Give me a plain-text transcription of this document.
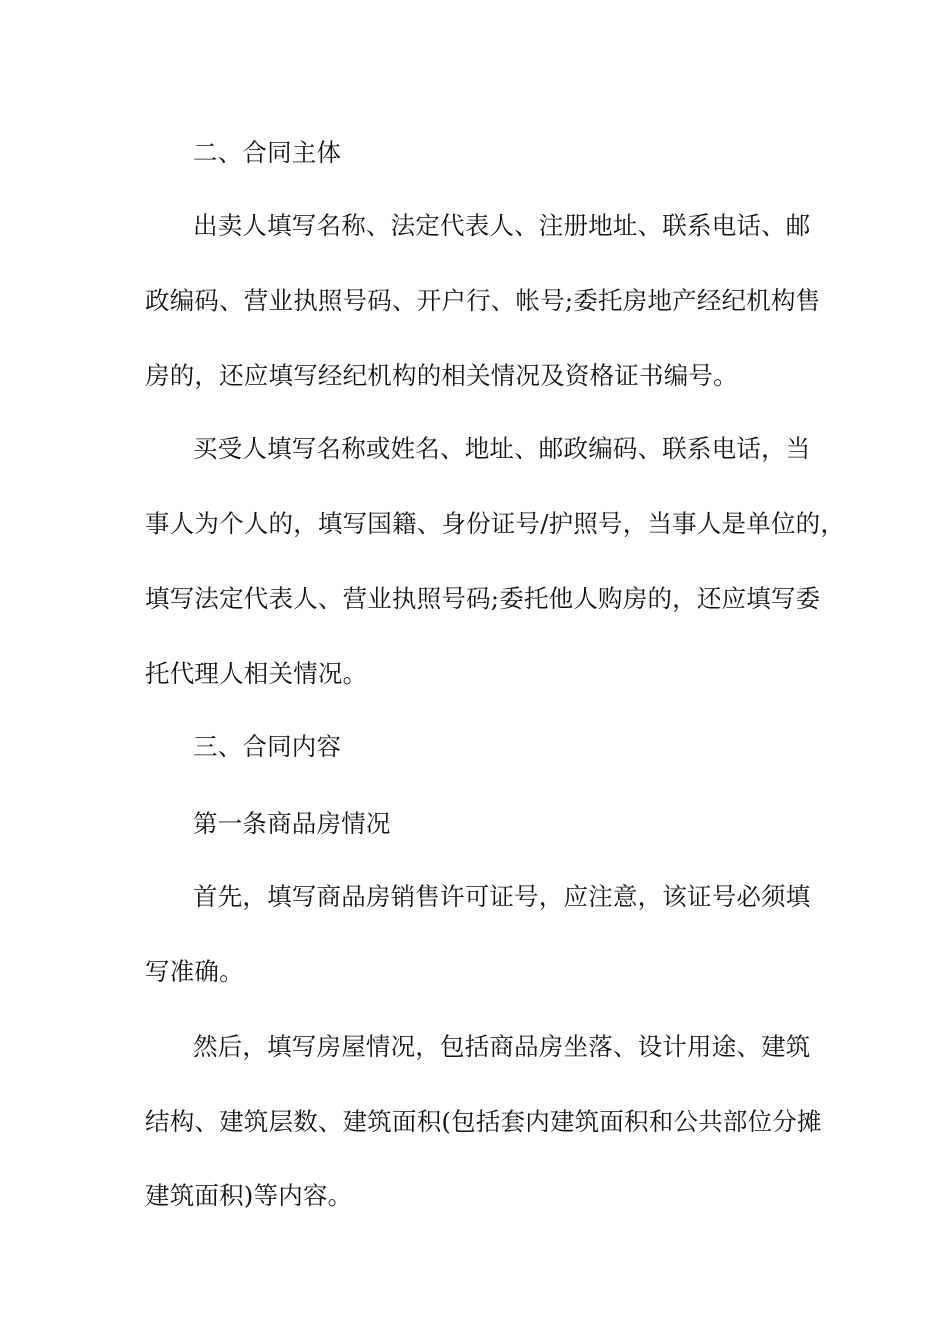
二、合同主体
出卖人填写名称、法定代表人、注册地址、联系电话、邮
政编码、营业执照号码、开户行、帐号;委托房地产经纪机构售
房的，还应填写经纪机构的相关情况及资格证书编号。
买受人填写名称或姓名、地址、邮政编码、联系电话，当
事人为个人的，填写国籍、身份证号/护照号，当事人是单位的，
填写法定代表人、营业执照号码;委托他人购房的，还应填写委
托代理人相关情况。
三、合同内容
第一条商品房情况
首先，填写商品房销售许可证号，应注意，该证号必须填
写准确。
然后，填写房屋情况，包括商品房坐落、设计用途、建筑
结构、建筑层数、建筑面积(包括套内建筑面积和公共部位分摊
建筑面积)等内容。
